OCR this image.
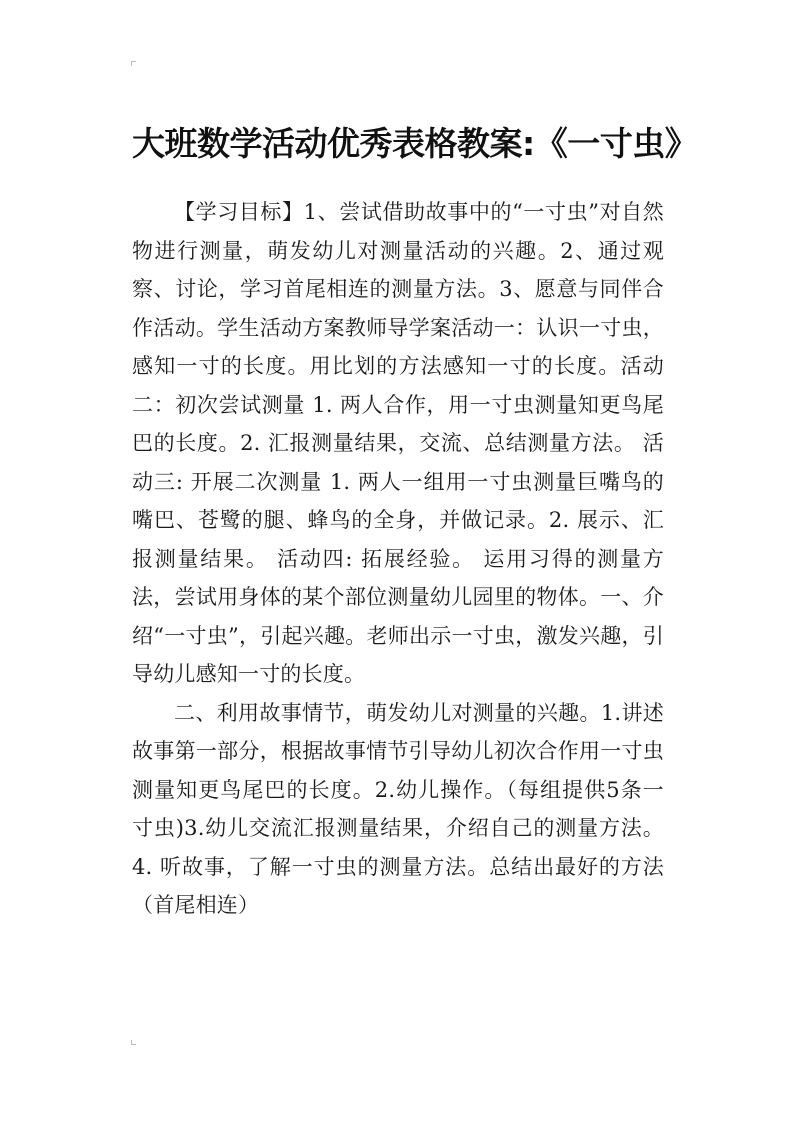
大班数学活动优秀表格教案:《一寸虫》

【学习目标】1、尝试借助故事中的“一寸虫”对自然物进行测量，萌发幼儿对测量活动的兴趣。2、通过观察、讨论，学习首尾相连的测量方法。3、愿意与同伴合作活动。学生活动方案教师导学案活动一：认识一寸虫，感知一寸的长度。用比划的方法感知一寸的长度。活动二：初次尝试测量 1. 两人合作，用一寸虫测量知更鸟尾巴的长度。2. 汇报测量结果，交流、总结测量方法。 活动三: 开展二次测量 1. 两人一组用一寸虫测量巨嘴鸟的嘴巴、苍鹭的腿、蜂鸟的全身，并做记录。2. 展示、汇报测量结果。 活动四: 拓展经验。 运用习得的测量方法，尝试用身体的某个部位测量幼儿园里的物体。一、介绍“一寸虫”，引起兴趣。老师出示一寸虫，激发兴趣，引导幼儿感知一寸的长度。

二、利用故事情节，萌发幼儿对测量的兴趣。1.讲述故事第一部分，根据故事情节引导幼儿初次合作用一寸虫测量知更鸟尾巴的长度。2.幼儿操作。（每组提供5条一寸虫)3.幼儿交流汇报测量结果，介绍自己的测量方法。4. 听故事，了解一寸虫的测量方法。总结出最好的方法（首尾相连）
